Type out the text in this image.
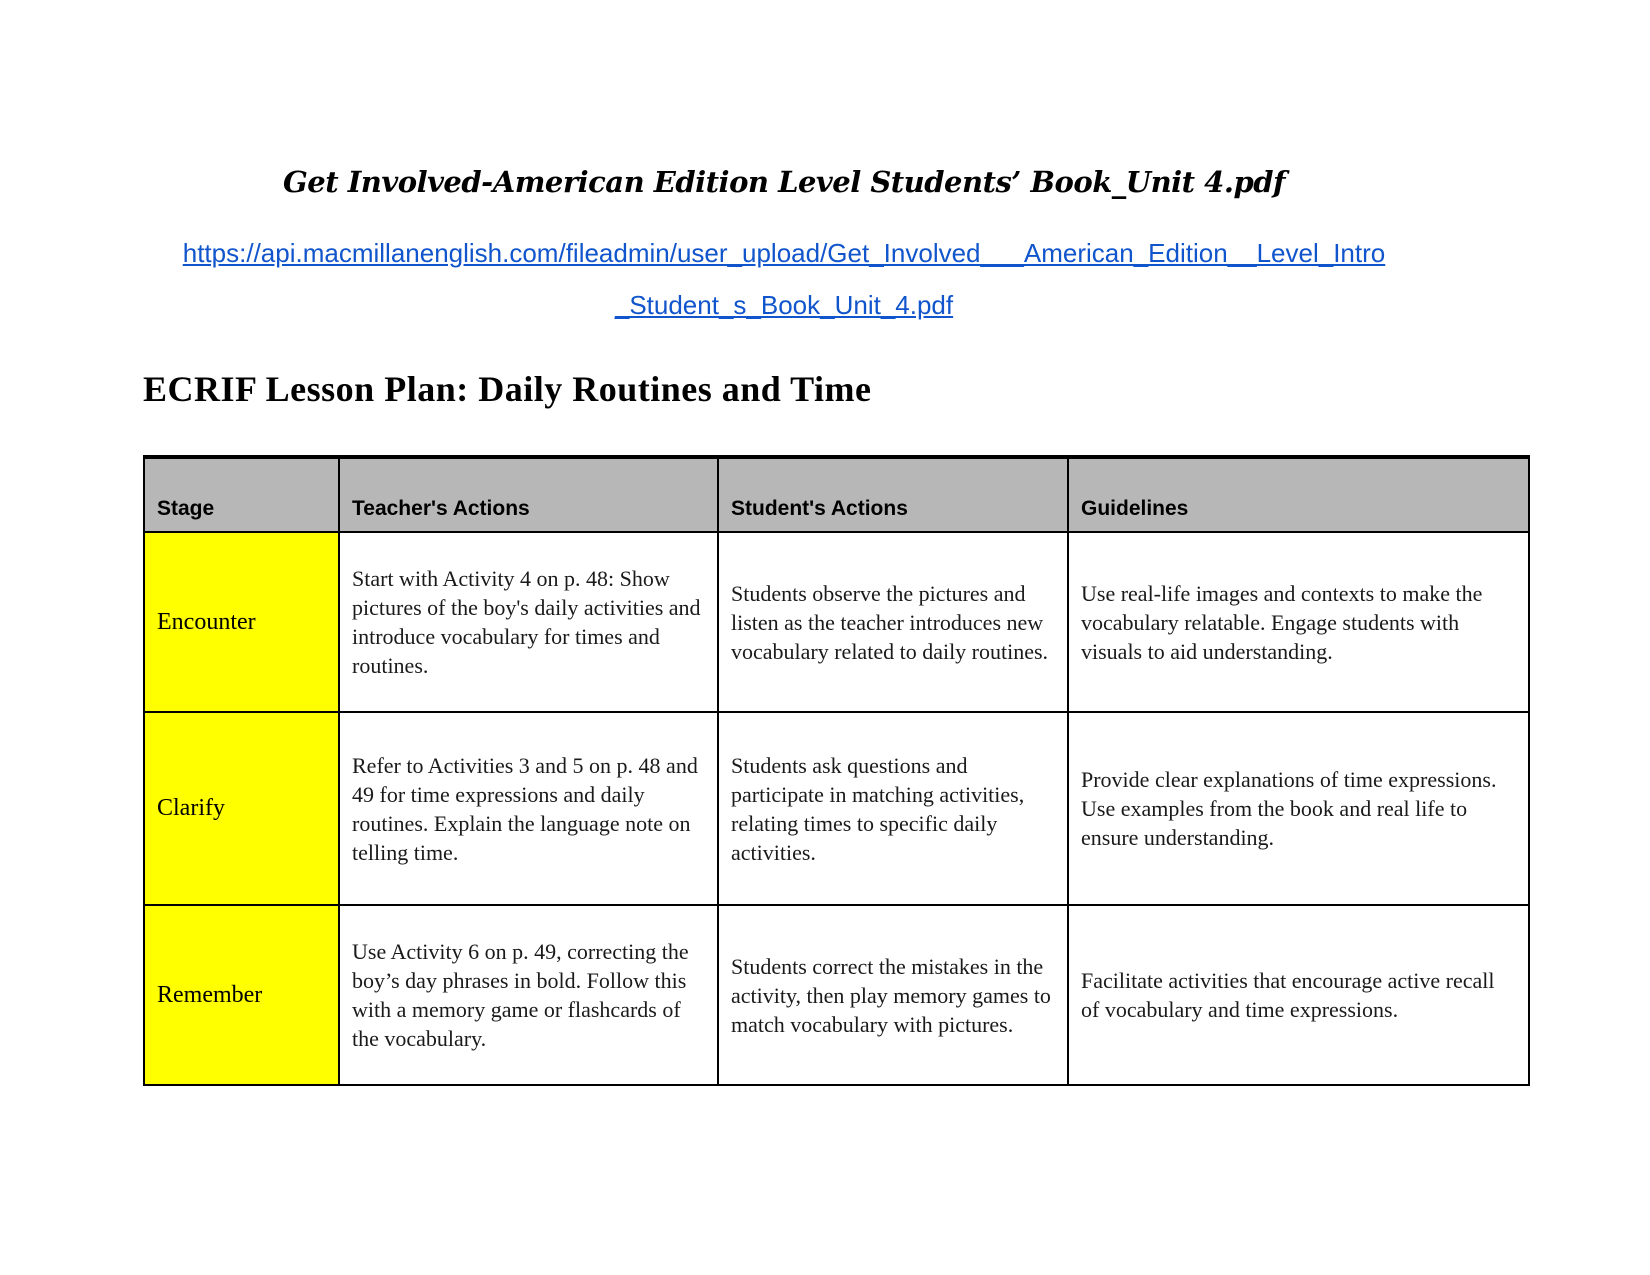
Get Involved-American Edition Level Students’ Book_Unit 4.pdf
https://api.macmillanenglish.com/fileadmin/user_upload/Get_Involved___American_Edition__Level_Intro
_Student_s_Book_Unit_4.pdf
ECRIF Lesson Plan: Daily Routines and Time
Stage	Teacher's Actions	Student's Actions	Guidelines
Encounter	Start with Activity 4 on p. 48: Show pictures of the boy's daily activities and introduce vocabulary for times and routines.	Students observe the pictures and listen as the teacher introduces new vocabulary related to daily routines.	Use real-life images and contexts to make the vocabulary relatable. Engage students with visuals to aid understanding.
Clarify	Refer to Activities 3 and 5 on p. 48 and 49 for time expressions and daily routines. Explain the language note on telling time.	Students ask questions and participate in matching activities, relating times to specific daily activities.	Provide clear explanations of time expressions. Use examples from the book and real life to ensure understanding.
Remember	Use Activity 6 on p. 49, correcting the boy’s day phrases in bold. Follow this with a memory game or flashcards of the vocabulary.	Students correct the mistakes in the activity, then play memory games to match vocabulary with pictures.	Facilitate activities that encourage active recall of vocabulary and time expressions.
